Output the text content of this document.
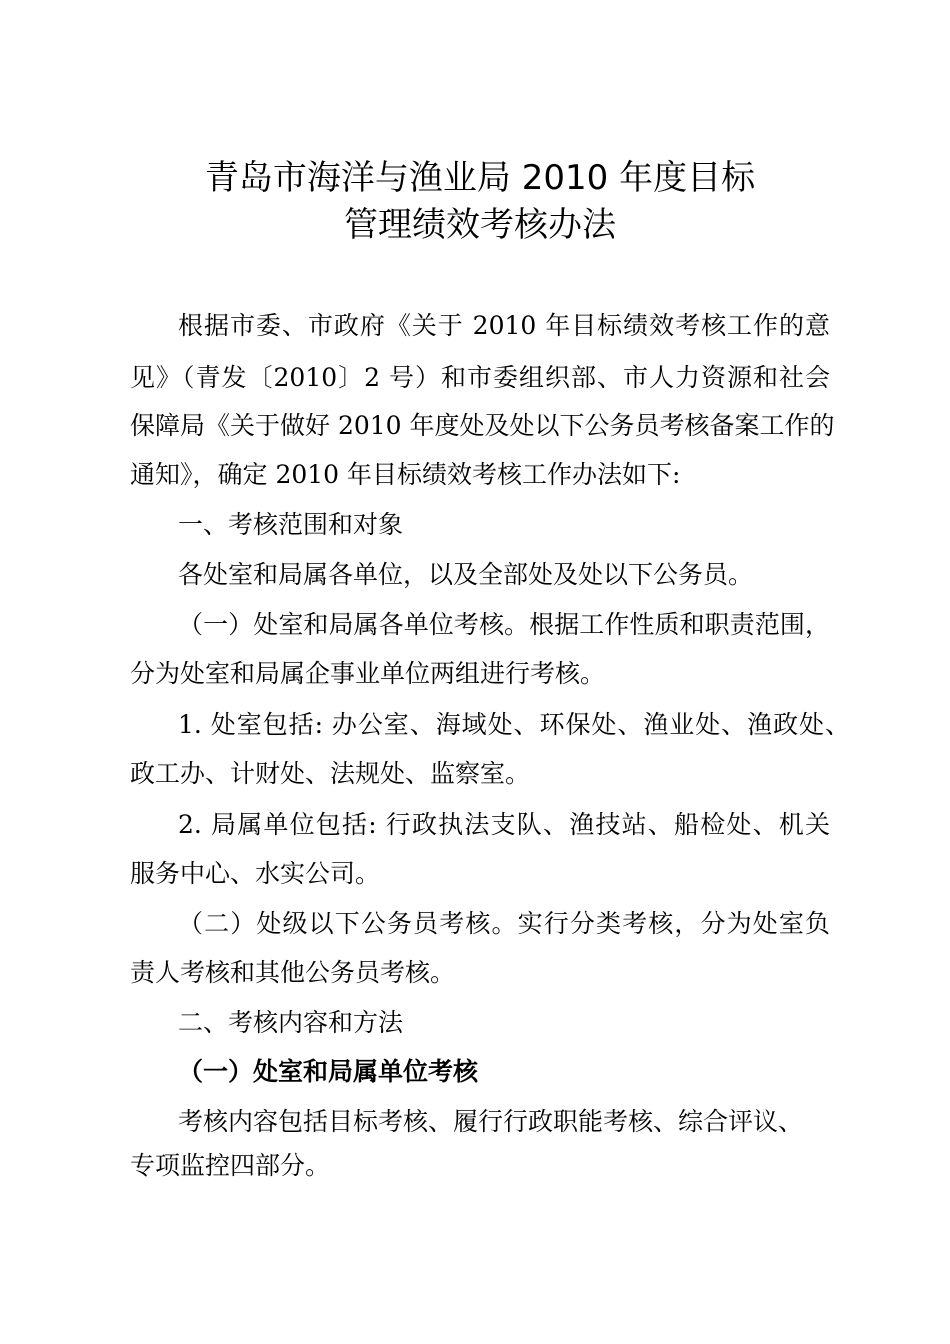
青岛市海洋与渔业局 2010 年度目标
管理绩效考核办法
根据市委、市政府《关于 2010 年目标绩效考核工作的意
见》（青发〔2010〕2 号）和市委组织部、市人力资源和社会
保障局《关于做好 2010 年度处及处以下公务员考核备案工作的
通知》，确定 2010 年目标绩效考核工作办法如下:
一、考核范围和对象
各处室和局属各单位，以及全部处及处以下公务员。
（一）处室和局属各单位考核。根据工作性质和职责范围，
分为处室和局属企事业单位两组进行考核。
1. 处室包括: 办公室、海域处、环保处、渔业处、渔政处、
政工办、计财处、法规处、监察室。
2. 局属单位包括: 行政执法支队、渔技站、船检处、机关
服务中心、水实公司。
（二）处级以下公务员考核。实行分类考核，分为处室负
责人考核和其他公务员考核。
二、考核内容和方法
（一）处室和局属单位考核
考核内容包括目标考核、履行行政职能考核、综合评议、
专项监控四部分。
